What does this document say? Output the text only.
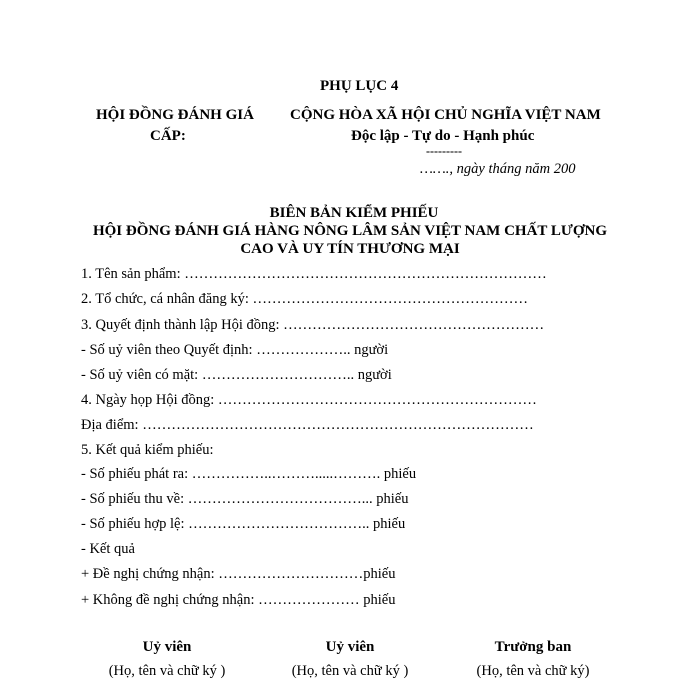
PHỤ LỤC 4
HỘI ĐỒNG ĐÁNH GIÁ
CẤP:
CỘNG HÒA XÃ HỘI CHỦ NGHĨA VIỆT NAM
Độc lập - Tự do - Hạnh phúc
---------
……., ngày tháng năm 200
BIÊN BẢN KIỂM PHIẾU
HỘI ĐỒNG ĐÁNH GIÁ HÀNG NÔNG LÂM SẢN VIỆT NAM CHẤT LƯỢNG
CAO VÀ UY TÍN THƯƠNG MẠI
1. Tên sản phẩm: …………………………………………………………………
2. Tổ chức, cá nhân đăng ký: …………………………………………………
3. Quyết định thành lập Hội đồng: ………………………………………………
- Số uỷ viên theo Quyết định: ……………….. người
- Số uỷ viên có mặt: ………………………….. người
4. Ngày họp Hội đồng: …………………………………………………………
Địa điểm: ………………………………………………………………………
5. Kết quả kiểm phiếu:
- Số phiếu phát ra: ……………..……….....………. phiếu
- Số phiếu thu về: ………………………………... phiếu
- Số phiếu hợp lệ: ……………………………….. phiếu
- Kết quả
+ Đề nghị chứng nhận: …………………………phiếu
+ Không đề nghị chứng nhận: ………………… phiếu
Uỷ viên
(Họ, tên và chữ ký )
Uỷ viên
(Họ, tên và chữ ký )
Trưởng ban
(Họ, tên và chữ ký)
